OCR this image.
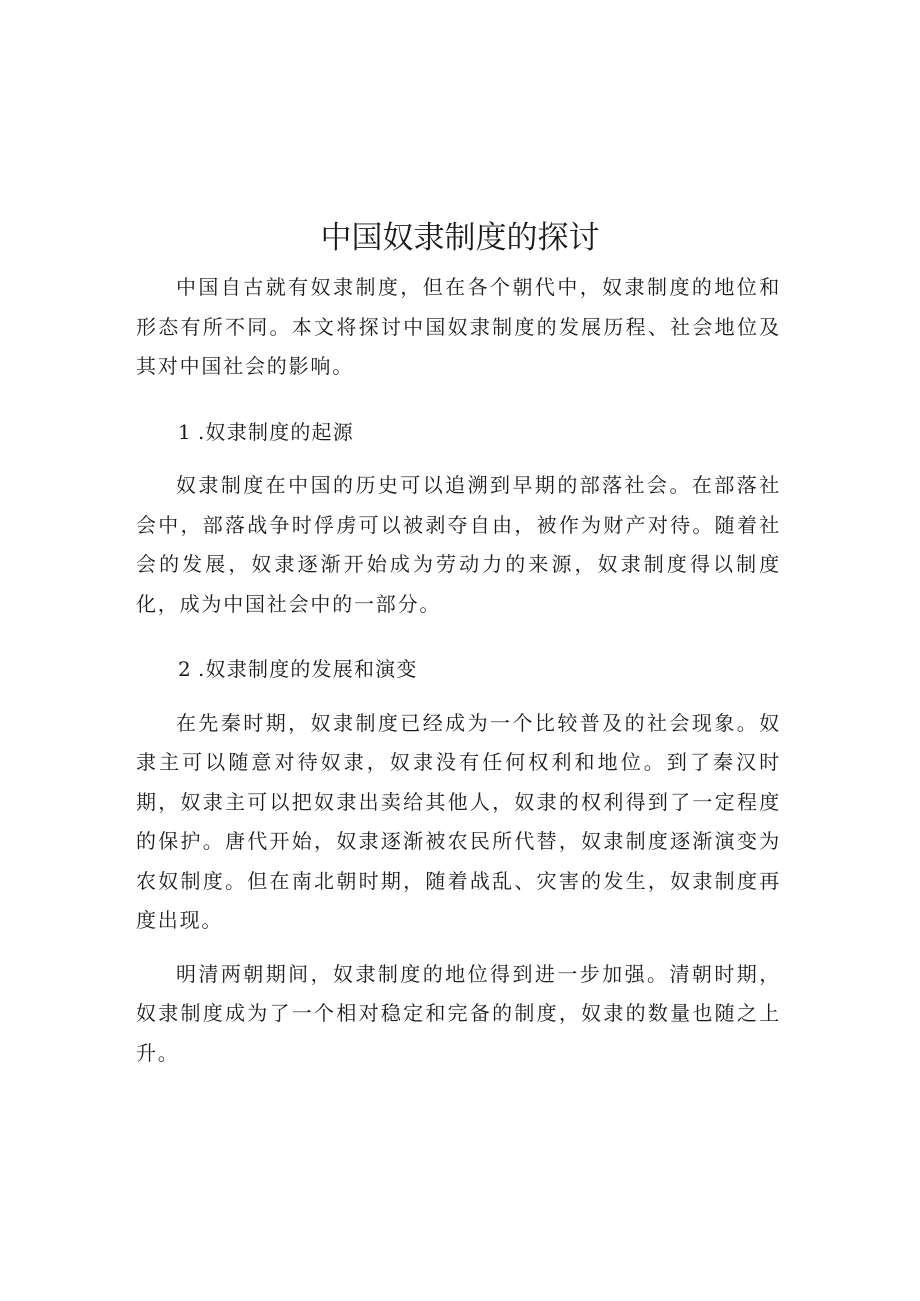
中国奴隶制度的探讨

中国自古就有奴隶制度，但在各个朝代中，奴隶制度的地位和形态有所不同。本文将探讨中国奴隶制度的发展历程、社会地位及其对中国社会的影响。

1 .奴隶制度的起源

奴隶制度在中国的历史可以追溯到早期的部落社会。在部落社会中，部落战争时俘虏可以被剥夺自由，被作为财产对待。随着社会的发展，奴隶逐渐开始成为劳动力的来源，奴隶制度得以制度化，成为中国社会中的一部分。

2 .奴隶制度的发展和演变

在先秦时期，奴隶制度已经成为一个比较普及的社会现象。奴隶主可以随意对待奴隶，奴隶没有任何权利和地位。到了秦汉时期，奴隶主可以把奴隶出卖给其他人，奴隶的权利得到了一定程度的保护。唐代开始，奴隶逐渐被农民所代替，奴隶制度逐渐演变为农奴制度。但在南北朝时期，随着战乱、灾害的发生，奴隶制度再度出现。

明清两朝期间，奴隶制度的地位得到进一步加强。清朝时期，奴隶制度成为了一个相对稳定和完备的制度，奴隶的数量也随之上升。
